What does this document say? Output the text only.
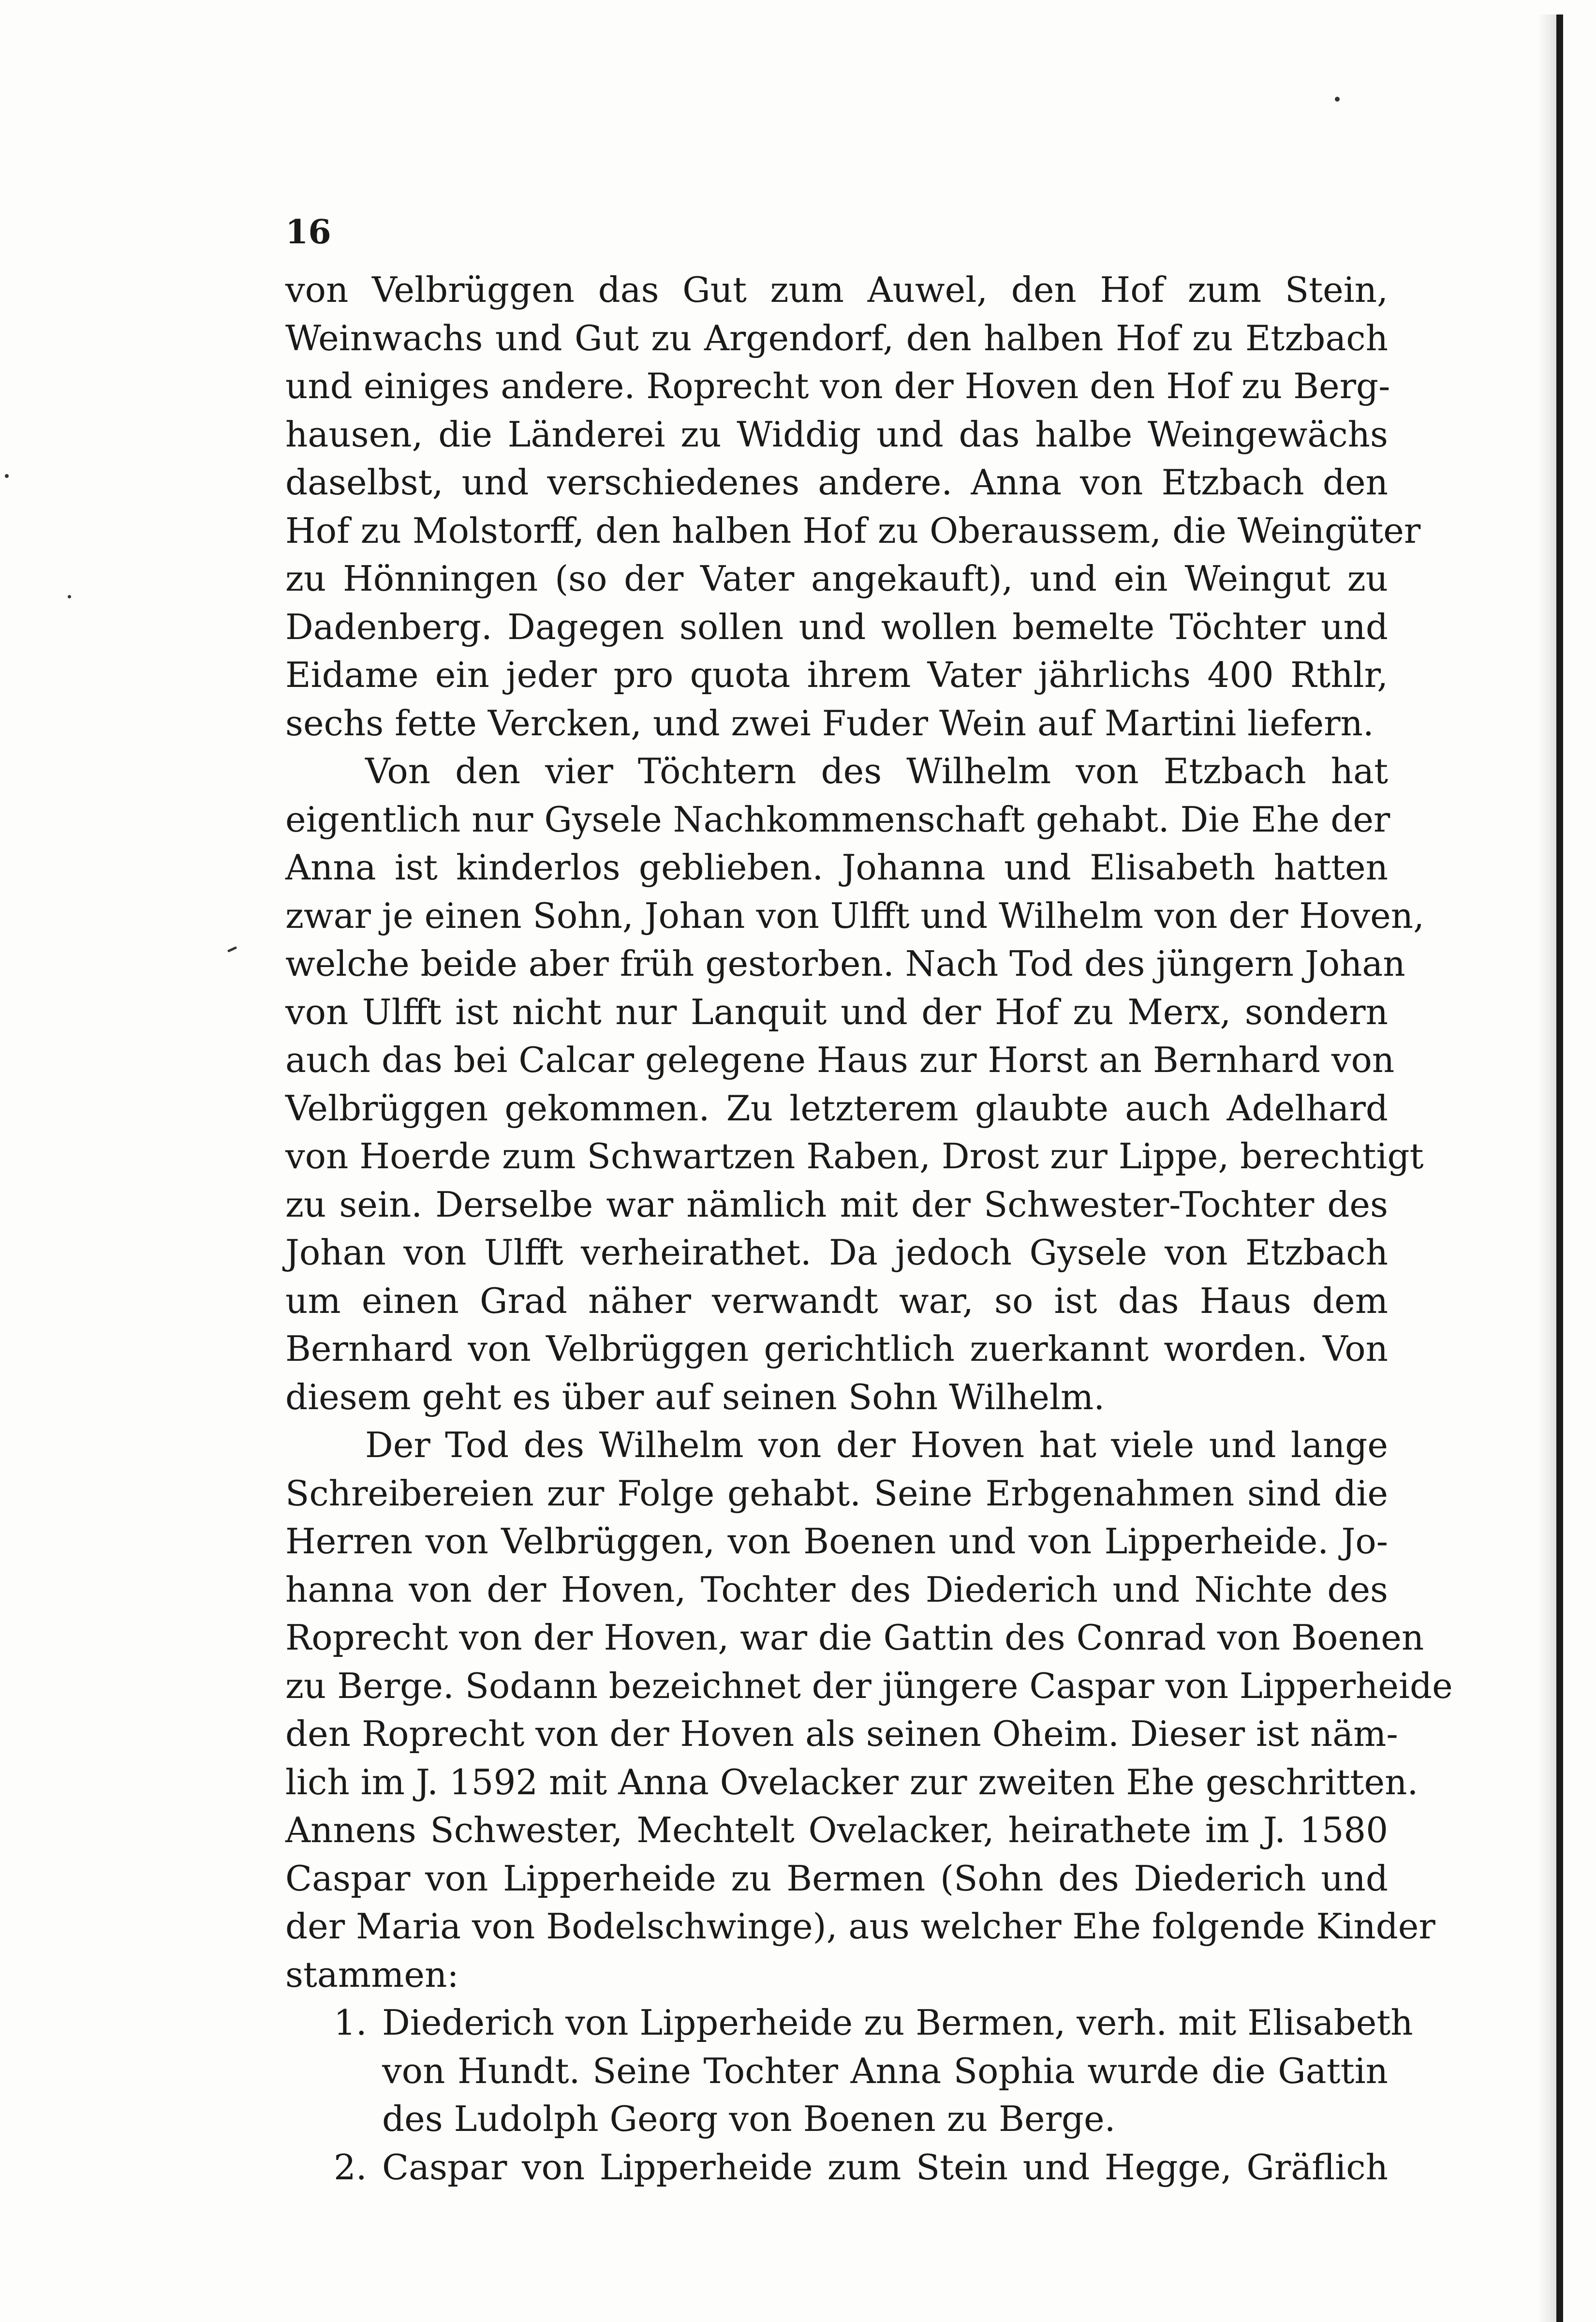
16
von Velbrüggen das Gut zum Auwel, den Hof zum Stein,
Weinwachs und Gut zu Argendorf, den halben Hof zu Etzbach
und einiges andere. Roprecht von der Hoven den Hof zu Berg-
hausen, die Länderei zu Widdig und das halbe Weingewächs
daselbst, und verschiedenes andere. Anna von Etzbach den
Hof zu Molstorff, den halben Hof zu Oberaussem, die Weingüter
zu Hönningen (so der Vater angekauft), und ein Weingut zu
Dadenberg. Dagegen sollen und wollen bemelte Töchter und
Eidame ein jeder pro quota ihrem Vater jährlichs 400 Rthlr,
sechs fette Vercken, und zwei Fuder Wein auf Martini liefern.
Von den vier Töchtern des Wilhelm von Etzbach hat
eigentlich nur Gysele Nachkommenschaft gehabt. Die Ehe der
Anna ist kinderlos geblieben. Johanna und Elisabeth hatten
zwar je einen Sohn, Johan von Ulfft und Wilhelm von der Hoven,
welche beide aber früh gestorben. Nach Tod des jüngern Johan
von Ulfft ist nicht nur Lanquit und der Hof zu Merx, sondern
auch das bei Calcar gelegene Haus zur Horst an Bernhard von
Velbrüggen gekommen. Zu letzterem glaubte auch Adelhard
von Hoerde zum Schwartzen Raben, Drost zur Lippe, berechtigt
zu sein. Derselbe war nämlich mit der Schwester-Tochter des
Johan von Ulfft verheirathet. Da jedoch Gysele von Etzbach
um einen Grad näher verwandt war, so ist das Haus dem
Bernhard von Velbrüggen gerichtlich zuerkannt worden. Von
diesem geht es über auf seinen Sohn Wilhelm.
Der Tod des Wilhelm von der Hoven hat viele und lange
Schreibereien zur Folge gehabt. Seine Erbgenahmen sind die
Herren von Velbrüggen, von Boenen und von Lipperheide. Jo-
hanna von der Hoven, Tochter des Diederich und Nichte des
Roprecht von der Hoven, war die Gattin des Conrad von Boenen
zu Berge. Sodann bezeichnet der jüngere Caspar von Lipperheide
den Roprecht von der Hoven als seinen Oheim. Dieser ist näm-
lich im J. 1592 mit Anna Ovelacker zur zweiten Ehe geschritten.
Annens Schwester, Mechtelt Ovelacker, heirathete im J. 1580
Caspar von Lipperheide zu Bermen (Sohn des Diederich und
der Maria von Bodelschwinge), aus welcher Ehe folgende Kinder
stammen:
1. Diederich von Lipperheide zu Bermen, verh. mit Elisabeth
von Hundt. Seine Tochter Anna Sophia wurde die Gattin
des Ludolph Georg von Boenen zu Berge.
2. Caspar von Lipperheide zum Stein und Hegge, Gräflich
